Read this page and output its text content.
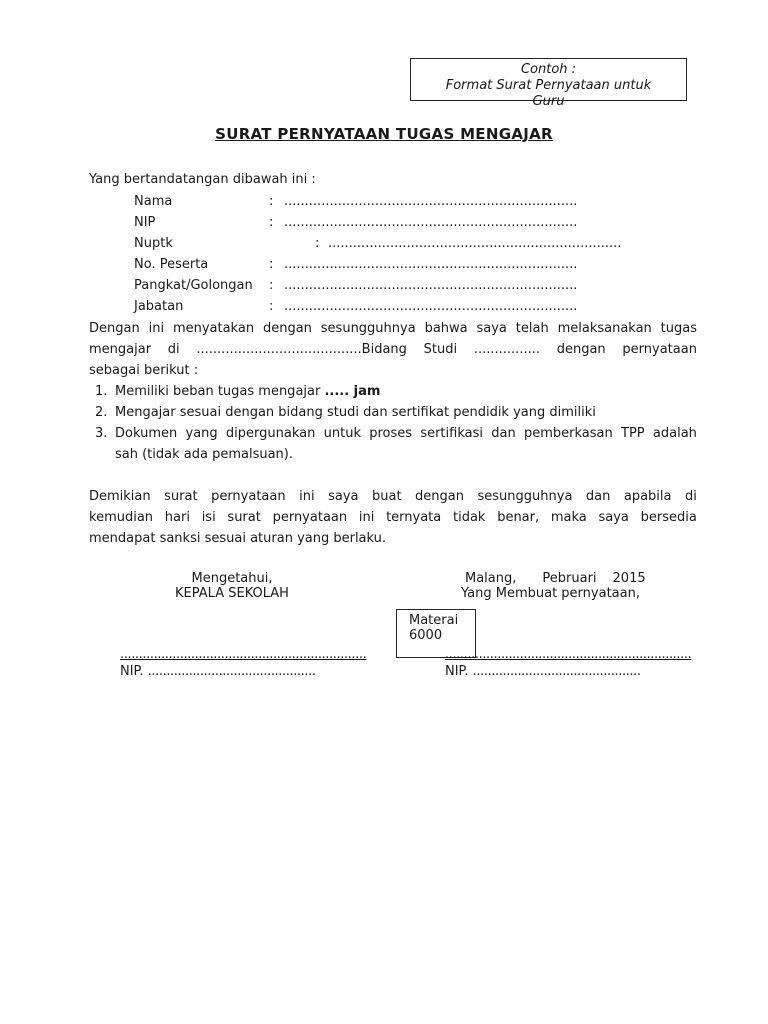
Contoh :
Format Surat Pernyataan untuk
Guru
SURAT PERNYATAAN TUGAS MENGAJAR
Yang bertandatangan dibawah ini :
Nama	: .......................................................................
NIP	: .......................................................................
Nuptk	: .......................................................................
No. Peserta	: .......................................................................
Pangkat/Golongan : .......................................................................
Jabatan	: .......................................................................
Dengan ini menyatakan dengan sesungguhnya bahwa saya telah melaksanakan tugas
mengajar di ........................................Bidang Studi ................ dengan pernyataan
sebagai berikut :
1. Memiliki beban tugas mengajar ..... jam
2. Mengajar sesuai dengan bidang studi dan sertifikat pendidik yang dimiliki
3. Dokumen yang dipergunakan untuk proses sertifikasi dan pemberkasan TPP adalah
sah (tidak ada pemalsuan).
Demikian surat pernyataan ini saya buat dengan sesungguhnya dan apabila di
kemudian hari isi surat pernyataan ini ternyata tidak benar, maka saya bersedia
mendapat sanksi sesuai aturan yang berlaku.
Mengetahui,
KEPALA SEKOLAH
Malang, Pebruari 2015
Yang Membuat pernyataan,
Materai
6000
..................................................................
NIP. .............................................
..................................................................
NIP. .............................................
